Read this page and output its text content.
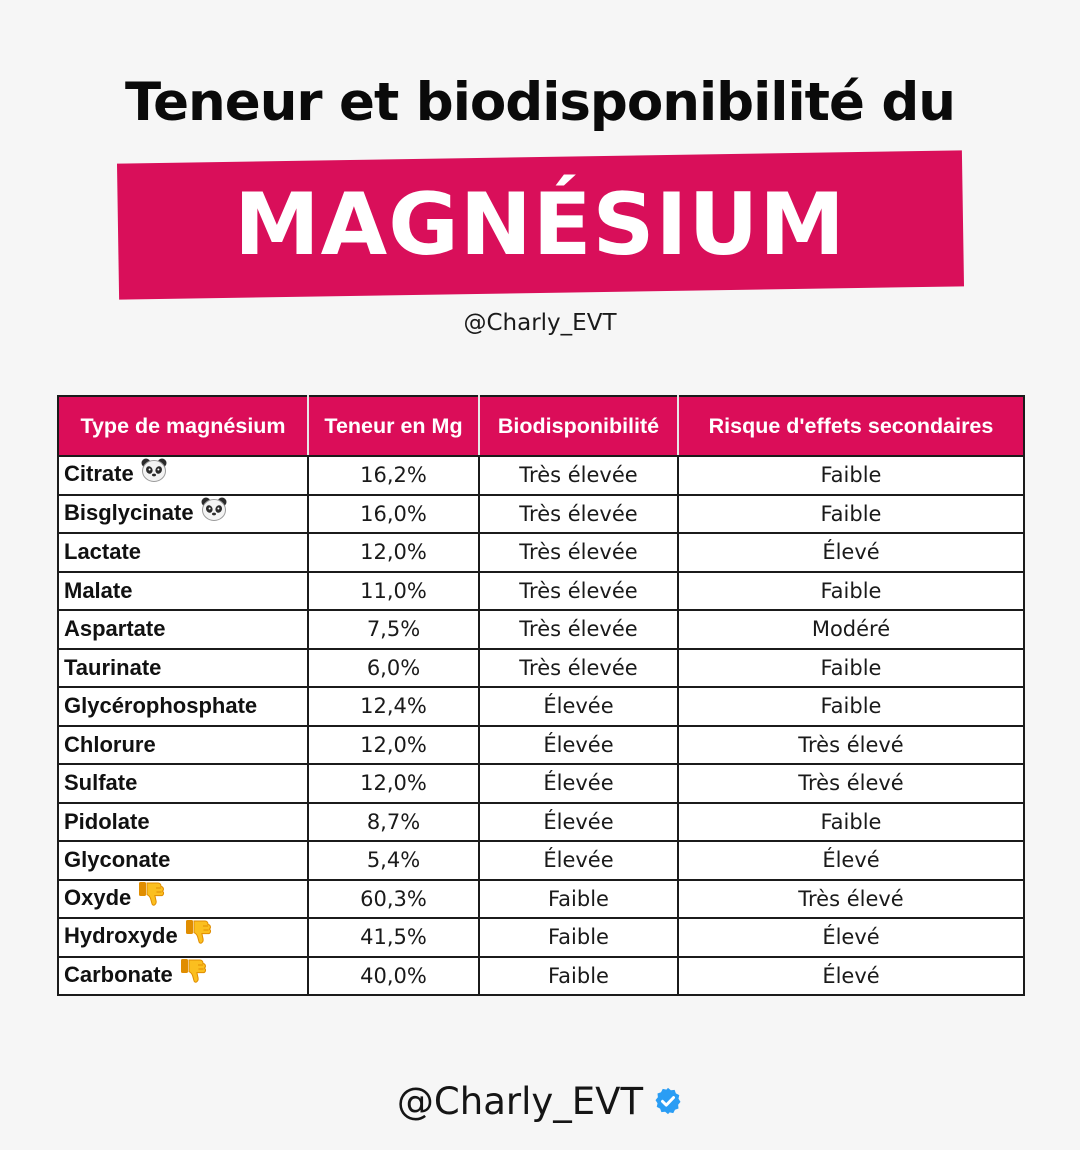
Teneur et biodisponibilité du
MAGNÉSIUM
@Charly_EVT
Type de magnésium	Teneur en Mg	Biodisponibilité	Risque d'effets secondaires
Citrate	16,2%	Très élevée	Faible
Bisglycinate	16,0%	Très élevée	Faible
Lactate	12,0%	Très élevée	Élevé
Malate	11,0%	Très élevée	Faible
Aspartate	7,5%	Très élevée	Modéré
Taurinate	6,0%	Très élevée	Faible
Glycérophosphate	12,4%	Élevée	Faible
Chlorure	12,0%	Élevée	Très élevé
Sulfate	12,0%	Élevée	Très élevé
Pidolate	8,7%	Élevée	Faible
Glyconate	5,4%	Élevée	Élevé
Oxyde	60,3%	Faible	Très élevé
Hydroxyde	41,5%	Faible	Élevé
Carbonate	40,0%	Faible	Élevé
@Charly_EVT
